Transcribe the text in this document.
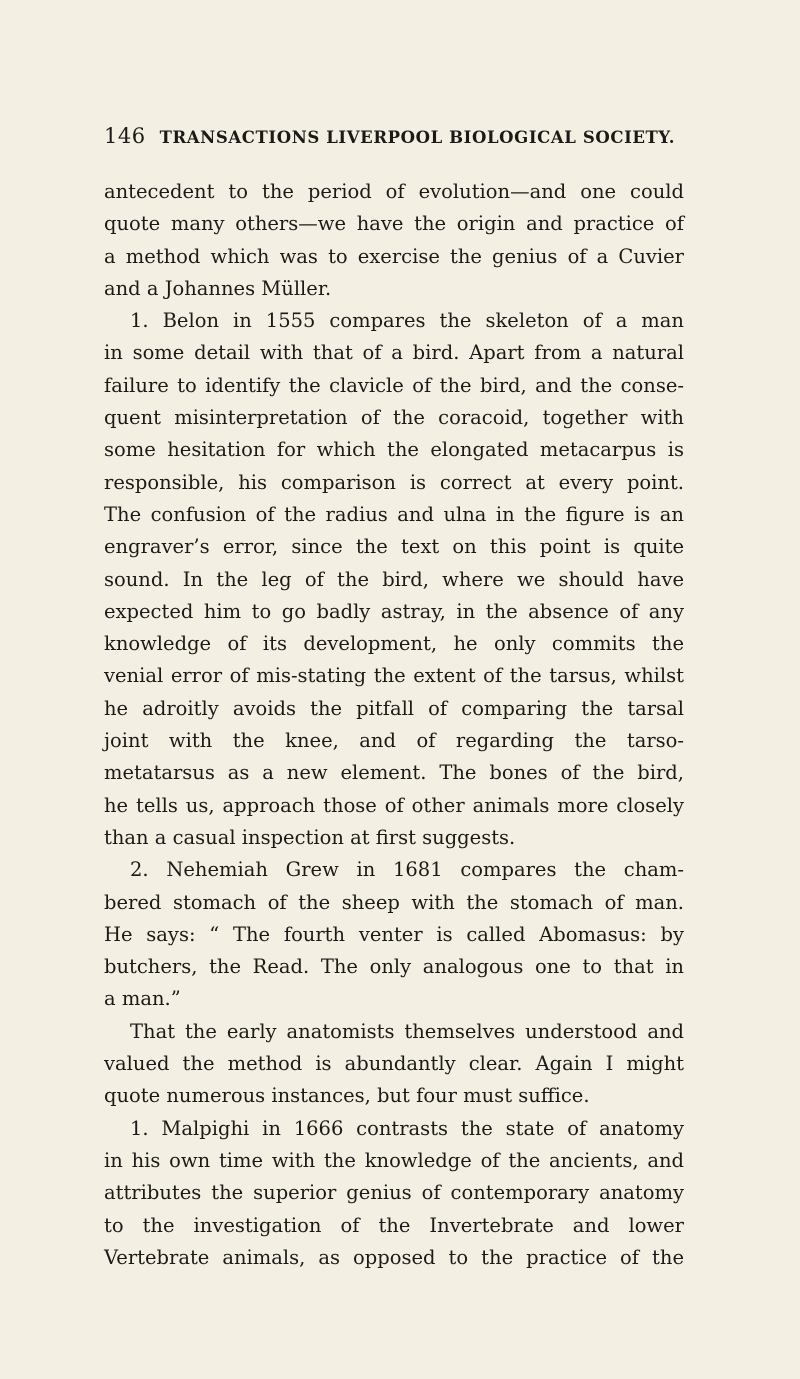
146 TRANSACTIONS LIVERPOOL BIOLOGICAL SOCIETY.
antecedent to the period of evolution—and one could
quote many others—we have the origin and practice of
a method which was to exercise the genius of a Cuvier
and a Johannes Müller.
1. Belon in 1555 compares the skeleton of a man
in some detail with that of a bird. Apart from a natural
failure to identify the clavicle of the bird, and the conse-
quent misinterpretation of the coracoid, together with
some hesitation for which the elongated metacarpus is
responsible, his comparison is correct at every point.
The confusion of the radius and ulna in the figure is an
engraver’s error, since the text on this point is quite
sound. In the leg of the bird, where we should have
expected him to go badly astray, in the absence of any
knowledge of its development, he only commits the
venial error of mis-stating the extent of the tarsus, whilst
he adroitly avoids the pitfall of comparing the tarsal
joint with the knee, and of regarding the tarso-
metatarsus as a new element. The bones of the bird,
he tells us, approach those of other animals more closely
than a casual inspection at first suggests.
2. Nehemiah Grew in 1681 compares the cham-
bered stomach of the sheep with the stomach of man.
He says: “ The fourth venter is called Abomasus: by
butchers, the Read. The only analogous one to that in
a man.”
That the early anatomists themselves understood and
valued the method is abundantly clear. Again I might
quote numerous instances, but four must suffice.
1. Malpighi in 1666 contrasts the state of anatomy
in his own time with the knowledge of the ancients, and
attributes the superior genius of contemporary anatomy
to the investigation of the Invertebrate and lower
Vertebrate animals, as opposed to the practice of the
